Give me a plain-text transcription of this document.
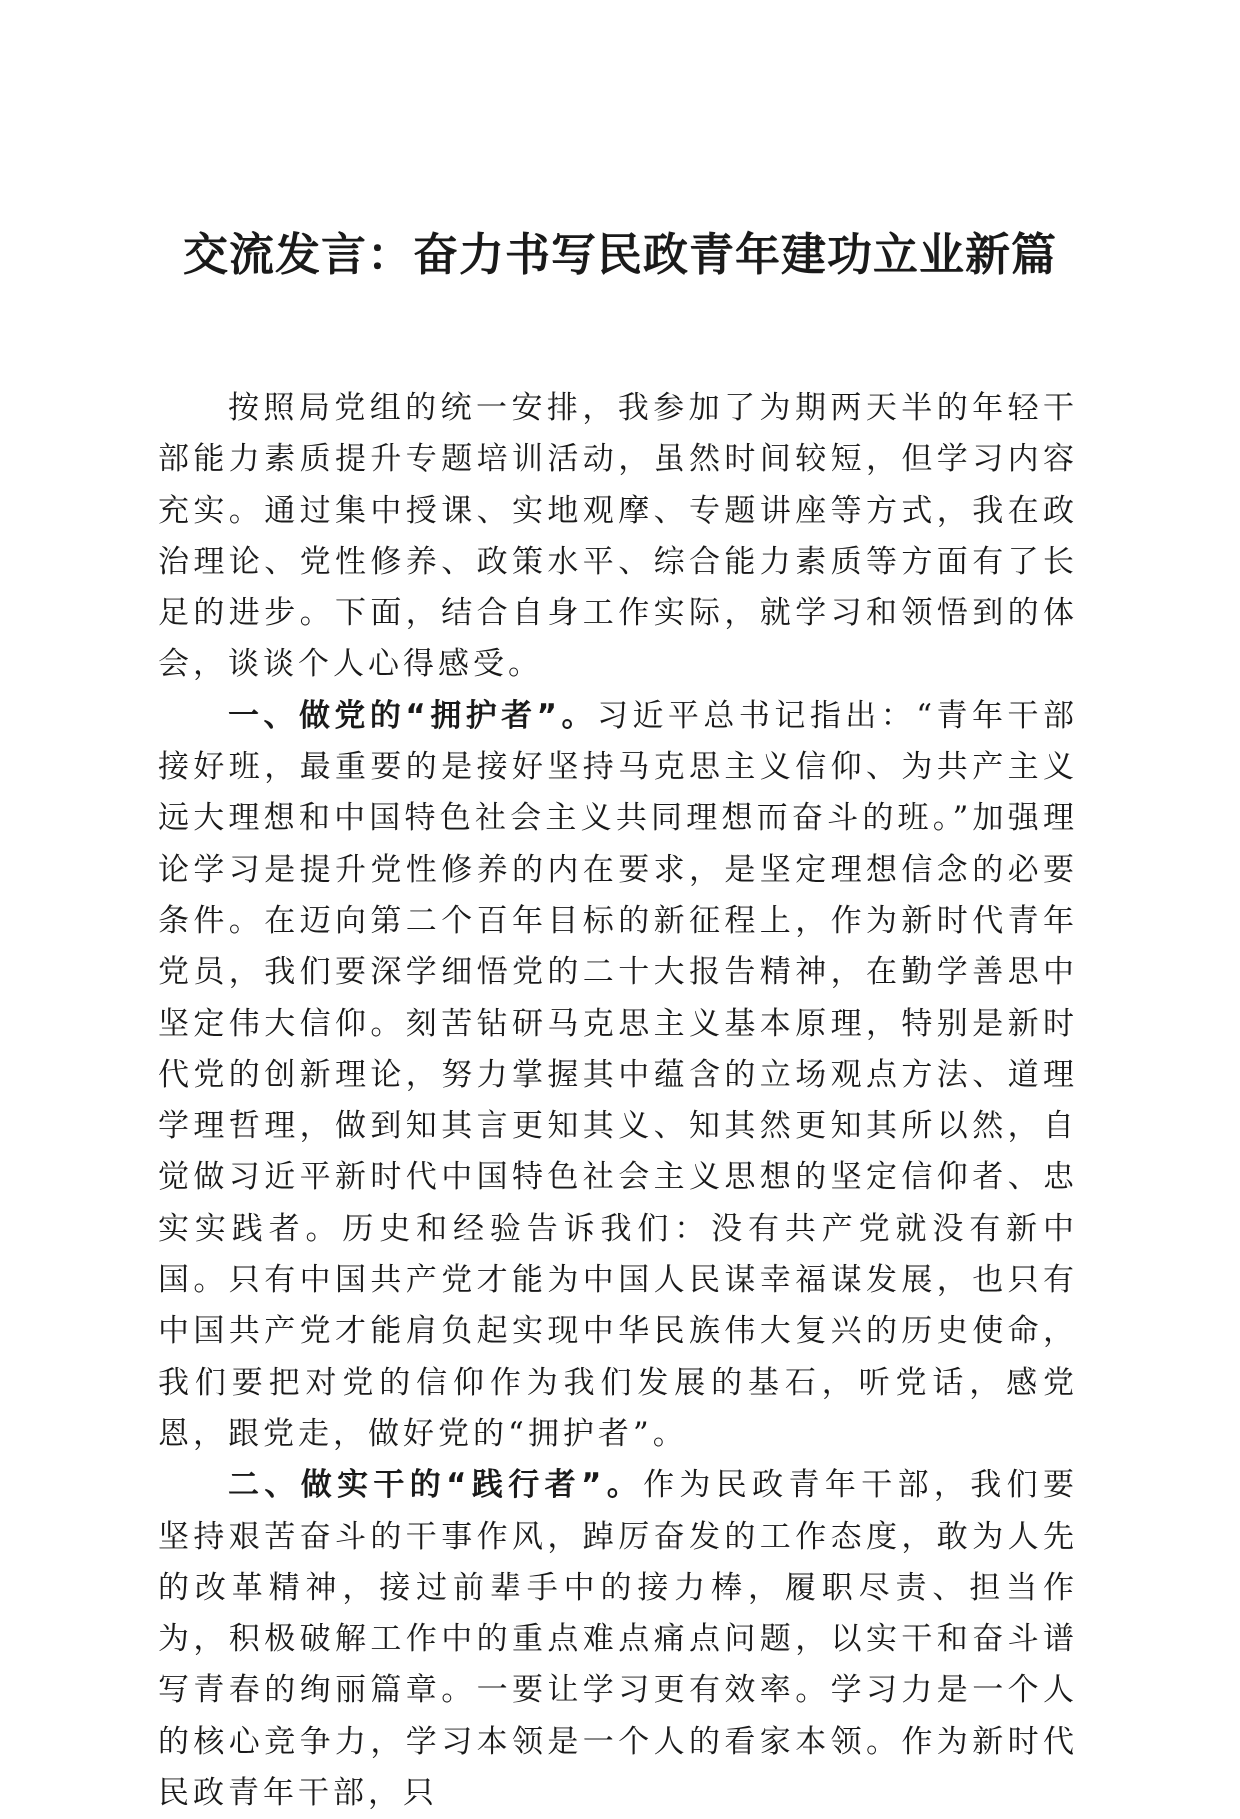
交流发言：奋力书写民政青年建功立业新篇

按照局党组的统一安排，我参加了为期两天半的年轻干部能力素质提升专题培训活动，虽然时间较短，但学习内容充实。通过集中授课、实地观摩、专题讲座等方式，我在政治理论、党性修养、政策水平、综合能力素质等方面有了长足的进步。下面，结合自身工作实际，就学习和领悟到的体会，谈谈个人心得感受。

一、做党的“拥护者”。习近平总书记指出：“青年干部接好班，最重要的是接好坚持马克思主义信仰、为共产主义远大理想和中国特色社会主义共同理想而奋斗的班。”加强理论学习是提升党性修养的内在要求，是坚定理想信念的必要条件。在迈向第二个百年目标的新征程上，作为新时代青年党员，我们要深学细悟党的二十大报告精神，在勤学善思中坚定伟大信仰。刻苦钻研马克思主义基本原理，特别是新时代党的创新理论，努力掌握其中蕴含的立场观点方法、道理学理哲理，做到知其言更知其义、知其然更知其所以然，自觉做习近平新时代中国特色社会主义思想的坚定信仰者、忠实实践者。历史和经验告诉我们：没有共产党就没有新中国。只有中国共产党才能为中国人民谋幸福谋发展，也只有中国共产党才能肩负起实现中华民族伟大复兴的历史使命，我们要把对党的信仰作为我们发展的基石，听党话，感党恩，跟党走，做好党的“拥护者”。

二、做实干的“践行者”。作为民政青年干部，我们要坚持艰苦奋斗的干事作风，踔厉奋发的工作态度，敢为人先的改革精神，接过前辈手中的接力棒，履职尽责、担当作为，积极破解工作中的重点难点痛点问题，以实干和奋斗谱写青春的绚丽篇章。一要让学习更有效率。学习力是一个人的核心竞争力，学习本领是一个人的看家本领。作为新时代民政青年干部，只
